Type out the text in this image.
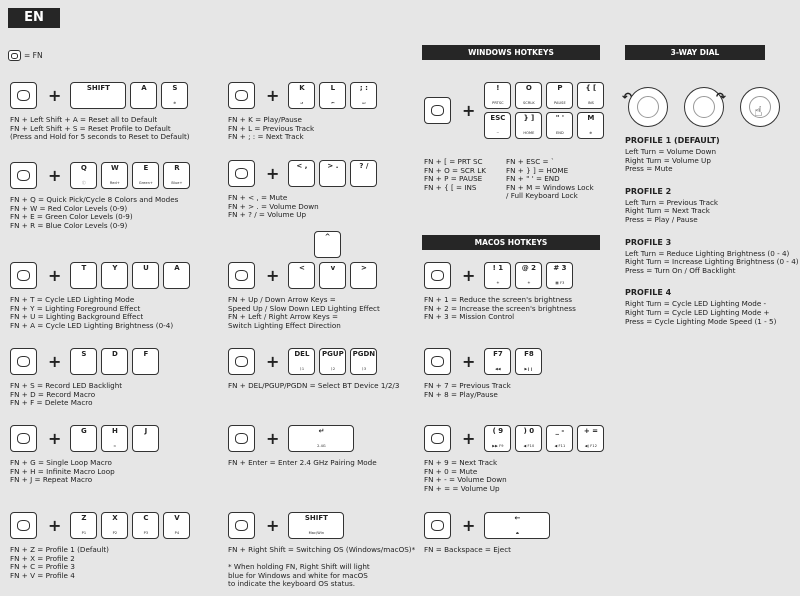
EN
= FN
+	SHIFT	A	S
⊕
FN + Left Shift + A = Reset all to Default
FN + Left Shift + S = Reset Profile to Default
(Press and Hold for 5 seconds to Reset to Default)
+	Q
ⓘ
W
Red+
E
Green+
R
Blue+
FN + Q = Quick Pick/Cycle 8 Colors and Modes
FN + W = Red Color Levels (0-9)
FN + E = Green Color Levels (0-9)
FN + R = Blue Color Levels (0-9)
+	T	Y	U	A
FN + T = Cycle LED Lighting Mode
FN + Y = Lighting Foreground Effect
FN + U = Lighting Background Effect
FN + A = Cycle LED Lighting Brightness (0-4)
+	S	D	F
FN + S = Record LED Backlight
FN + D = Record Macro
FN + F = Delete Macro
+	G	H
∞
J
FN + G = Single Loop Macro
FN + H = Infinite Macro Loop
FN + J = Repeat Macro
+	Z
P1
X
P2
C
P3
V
P4
FN + Z = Profile 1 (Default)
FN + X = Profile 2
FN + C = Profile 3
FN + V = Profile 4
+	K
⏯
L
⏮
; :
⏭
FN + K = Play/Pause
FN + L = Previous Track
FN + ; : = Next Track
+ < ,	> .	? /
FN + < , = Mute
FN + > . = Volume Down
FN + ? / = Volume Up
+	<	v	>
FN + Up / Down Arrow Keys =
Speed Up / Slow Down LED Lighting Effect
FN + Left / Right Arrow Keys =
Switch Lighting Effect Direction
^
+ DEL
ᛒ1
PGUP
ᛒ2
PGDN
ᛒ3
FN + DEL/PGUP/PGDN = Select BT Device 1/2/3
+	↵
2.4G
FN + Enter = Enter 2.4 GHz Pairing Mode
+	SHIFT
Mac/Win
FN + Right Shift = Switching OS (Windows/macOS)*

* When holding FN, Right Shift will light
blue for Windows and white for macOS
to indicate the keyboard OS status.
WINDOWS HOTKEYS
+
!
PRTSC
O
SCRLK
P
PAUSE
{ [
INS
ESC
~
} ]
HOME
" '
END
M
⊕
FN + [ = PRT SC
FN + O = SCR LK
FN + P = PAUSE
FN + { [ = INS
FN + ESC = `
FN + } ] = HOME
FN + " ' = END
FN + M = Windows Lock
/ Full Keyboard Lock
MACOS HOTKEYS
+ ! 1
☀
@ 2
☀
# 3
▦ F3
FN + 1 = Reduce the screen's brightness
FN + 2 = Increase the screen's brightness
FN + 3 = Mission Control
+	F7
◀◀
F8
▶❙❙
FN + 7 = Previous Track
FN + 8 = Play/Pause
+ ( 9
▶▶ F9
) 0
◀ F10
_ -
◀ F11
+ =
◀) F12
FN + 9 = Next Track
FN + 0 = Mute
FN + - = Volume Down
FN + = = Volume Up
+	←
⏏
FN = Backspace = Eject
3-WAY DIAL
↶	↷
☝
PROFILE 1 (DEFAULT)
Left Turn = Volume Down
Right Turn = Volume Up
Press = Mute
PROFILE 2
Left Turn = Previous Track
Right Turn = Next Track
Press = Play / Pause
PROFILE 3
Left Turn = Reduce Lighting Brightness (0 - 4)
Right Turn = Increase Lighting Brightness (0 - 4)
Press = Turn On / Off Backlight
PROFILE 4
Right Turn = Cycle LED Lighting Mode -
Right Turn = Cycle LED Lighting Mode +
Press = Cycle Lighting Mode Speed (1 - 5)
